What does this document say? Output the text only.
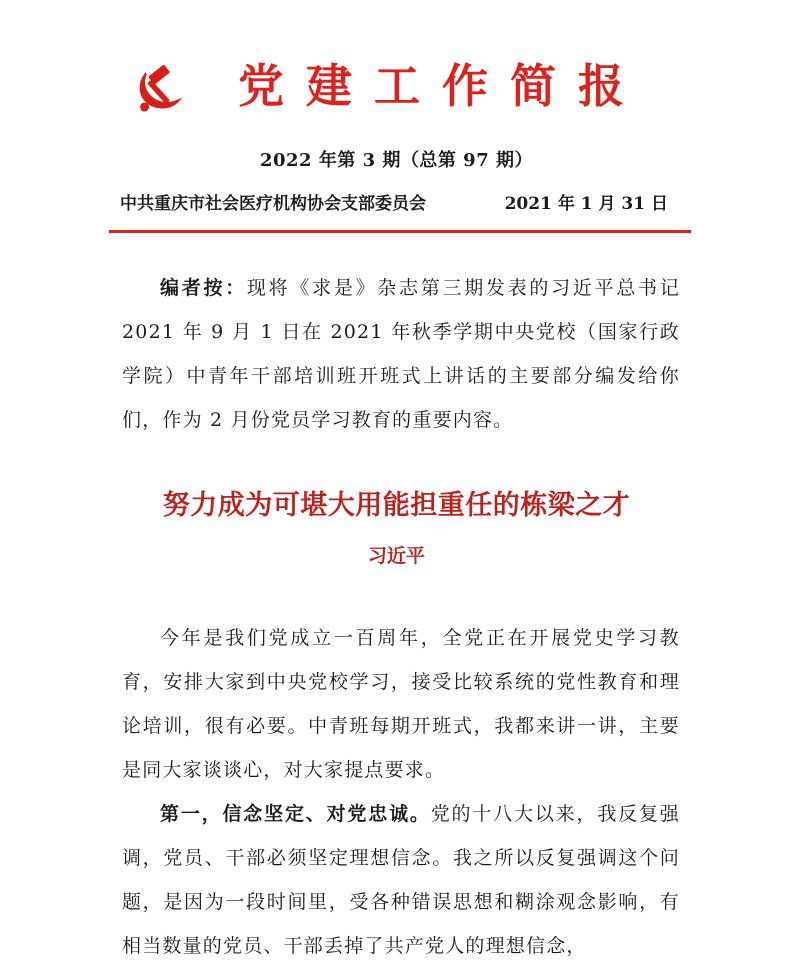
党建工作简报
2022 年第 3 期（总第 97 期）
中共重庆市社会医疗机构协会支部委员会	2021 年 1 月 31 日

编者按：现将《求是》杂志第三期发表的习近平总书记 2021 年 9 月 1 日在 2021 年秋季学期中央党校（国家行政学院）中青年干部培训班开班式上讲话的主要部分编发给你们，作为 2 月份党员学习教育的重要内容。

努力成为可堪大用能担重任的栋梁之才
习近平

今年是我们党成立一百周年，全党正在开展党史学习教育，安排大家到中央党校学习，接受比较系统的党性教育和理论培训，很有必要。中青班每期开班式，我都来讲一讲，主要是同大家谈谈心，对大家提点要求。

第一，信念坚定、对党忠诚。党的十八大以来，我反复强调，党员、干部必须坚定理想信念。我之所以反复强调这个问题，是因为一段时间里，受各种错误思想和糊涂观念影响，有相当数量的党员、干部丢掉了共产党人的理想信念，
